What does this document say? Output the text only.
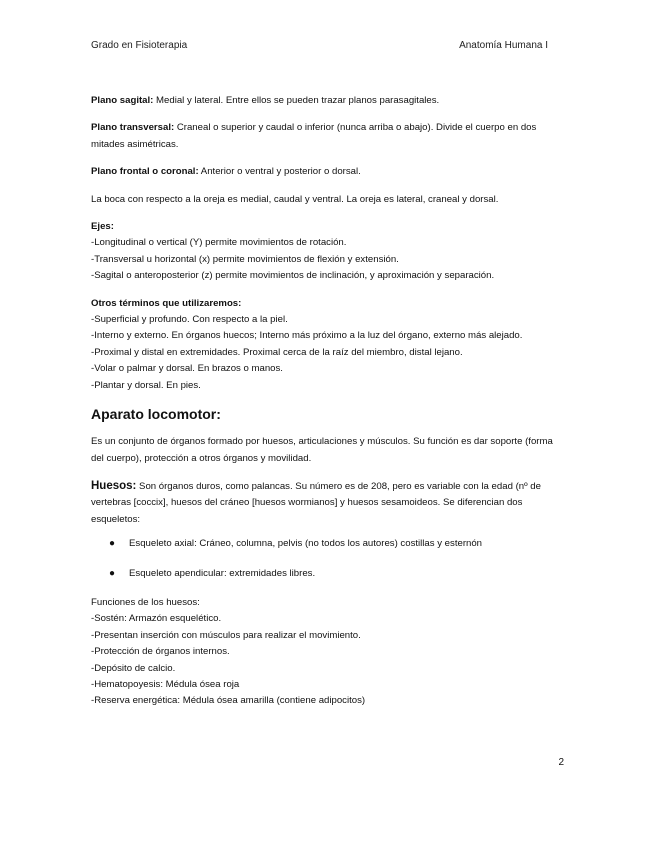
Grado en Fisioterapia	Anatomía Humana I

Plano sagital: Medial y lateral. Entre ellos se pueden trazar planos parasagitales.

Plano transversal: Craneal o superior y caudal o inferior (nunca arriba o abajo). Divide el cuerpo en dos mitades asimétricas.

Plano frontal o coronal: Anterior o ventral y posterior o dorsal.

La boca con respecto a la oreja es medial, caudal y ventral. La oreja es lateral, craneal y dorsal.

Ejes:
-Longitudinal o vertical (Y) permite movimientos de rotación.
-Transversal u horizontal (x) permite movimientos de flexión y extensión.
-Sagital o anteroposterior (z) permite movimientos de inclinación, y aproximación y separación.
Otros términos que utilizaremos:
-Superficial y profundo. Con respecto a la piel.
-Interno y externo. En órganos huecos; Interno más próximo a la luz del órgano, externo más alejado.
-Proximal y distal en extremidades. Proximal cerca de la raíz del miembro, distal lejano.
-Volar o palmar y dorsal. En brazos o manos.
-Plantar y dorsal. En pies.
Aparato locomotor:

Es un conjunto de órganos formado por huesos, articulaciones y músculos. Su función es dar soporte (forma del cuerpo), protección a otros órganos y movilidad.

Huesos: Son órganos duros, como palancas. Su número es de 208, pero es variable con la edad (nº de vertebras [coccix], huesos del cráneo [huesos wormianos] y huesos sesamoideos. Se diferencian dos esqueletos:

● Esqueleto axial: Cráneo, columna, pelvis (no todos los autores) costillas y esternón
● Esqueleto apendicular: extremidades libres.
Funciones de los huesos:
-Sostén: Armazón esquelético.
-Presentan inserción con músculos para realizar el movimiento.
-Protección de órganos internos.
-Depósito de calcio.
-Hematopoyesis: Médula ósea roja
-Reserva energética: Médula ósea amarilla (contiene adipocitos)
2
